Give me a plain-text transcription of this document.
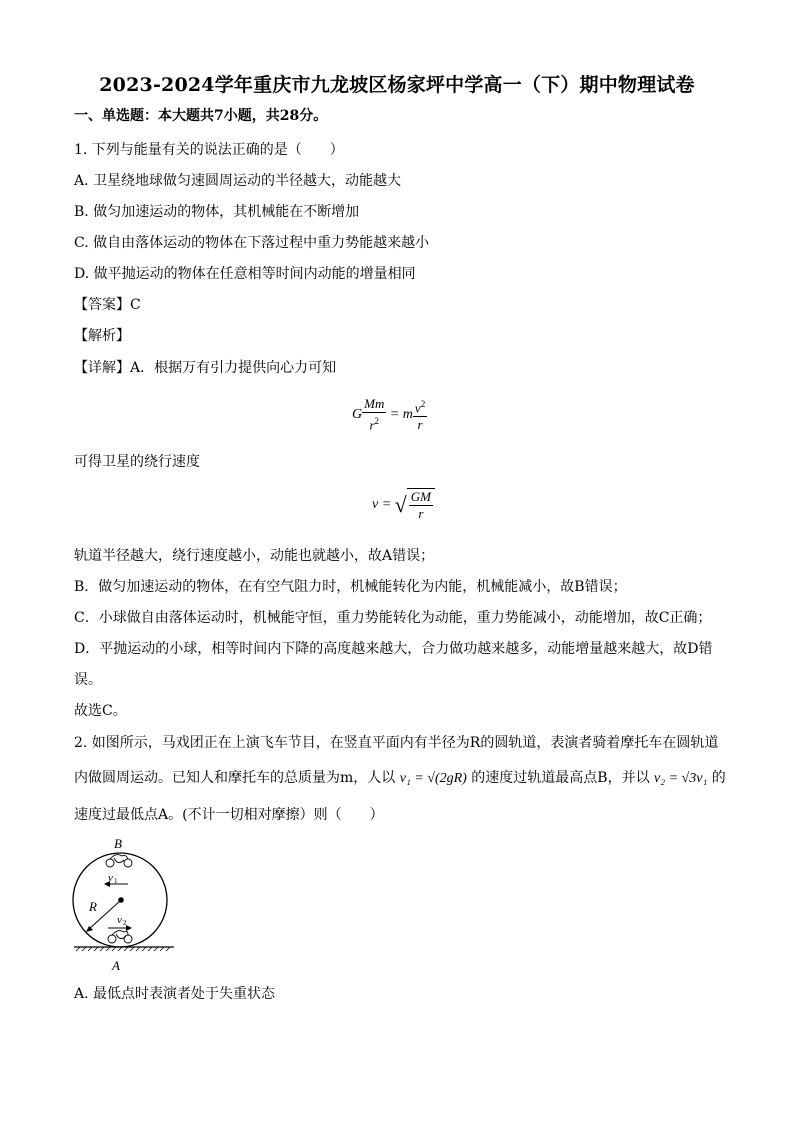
2023-2024学年重庆市九龙坡区杨家坪中学高一（下）期中物理试卷
一、单选题：本大题共7小题，共28分。
1. 下列与能量有关的说法正确的是（　　）
A. 卫星绕地球做匀速圆周运动的半径越大，动能越大
B. 做匀加速运动的物体，其机械能在不断增加
C. 做自由落体运动的物体在下落过程中重力势能越来越小
D. 做平抛运动的物体在任意相等时间内动能的增量相同
【答案】C
【解析】
【详解】A．根据万有引力提供向心力可知
G $\frac{Mm}{r^2} = m \frac{v^2}{r}$
可得卫星的绕行速度
v = √ $\frac{GM}{r}$
轨道半径越大，绕行速度越小，动能也就越小，故A错误；
B．做匀加速运动的物体，在有空气阻力时，机械能转化为内能，机械能减小，故B错误；
C．小球做自由落体运动时，机械能守恒，重力势能转化为动能，重力势能减小，动能增加，故C正确；
D．平抛运动的小球，相等时间内下降的高度越来越大，合力做功越来越多，动能增量越来越大，故D错
误。
故选C。
2. 如图所示，马戏团正在上演飞车节目，在竖直平面内有半径为R的圆轨道，表演者骑着摩托车在圆轨道
内做圆周运动。已知人和摩托车的总质量为m，人以 v₁ = √(2gR) 的速度过轨道最高点B，并以 v₂ = √3v₁ 的
速度过最低点A。(不计一切相对摩擦）则（　　）
B
A
R
v 1
v 2
A. 最低点时表演者处于失重状态
